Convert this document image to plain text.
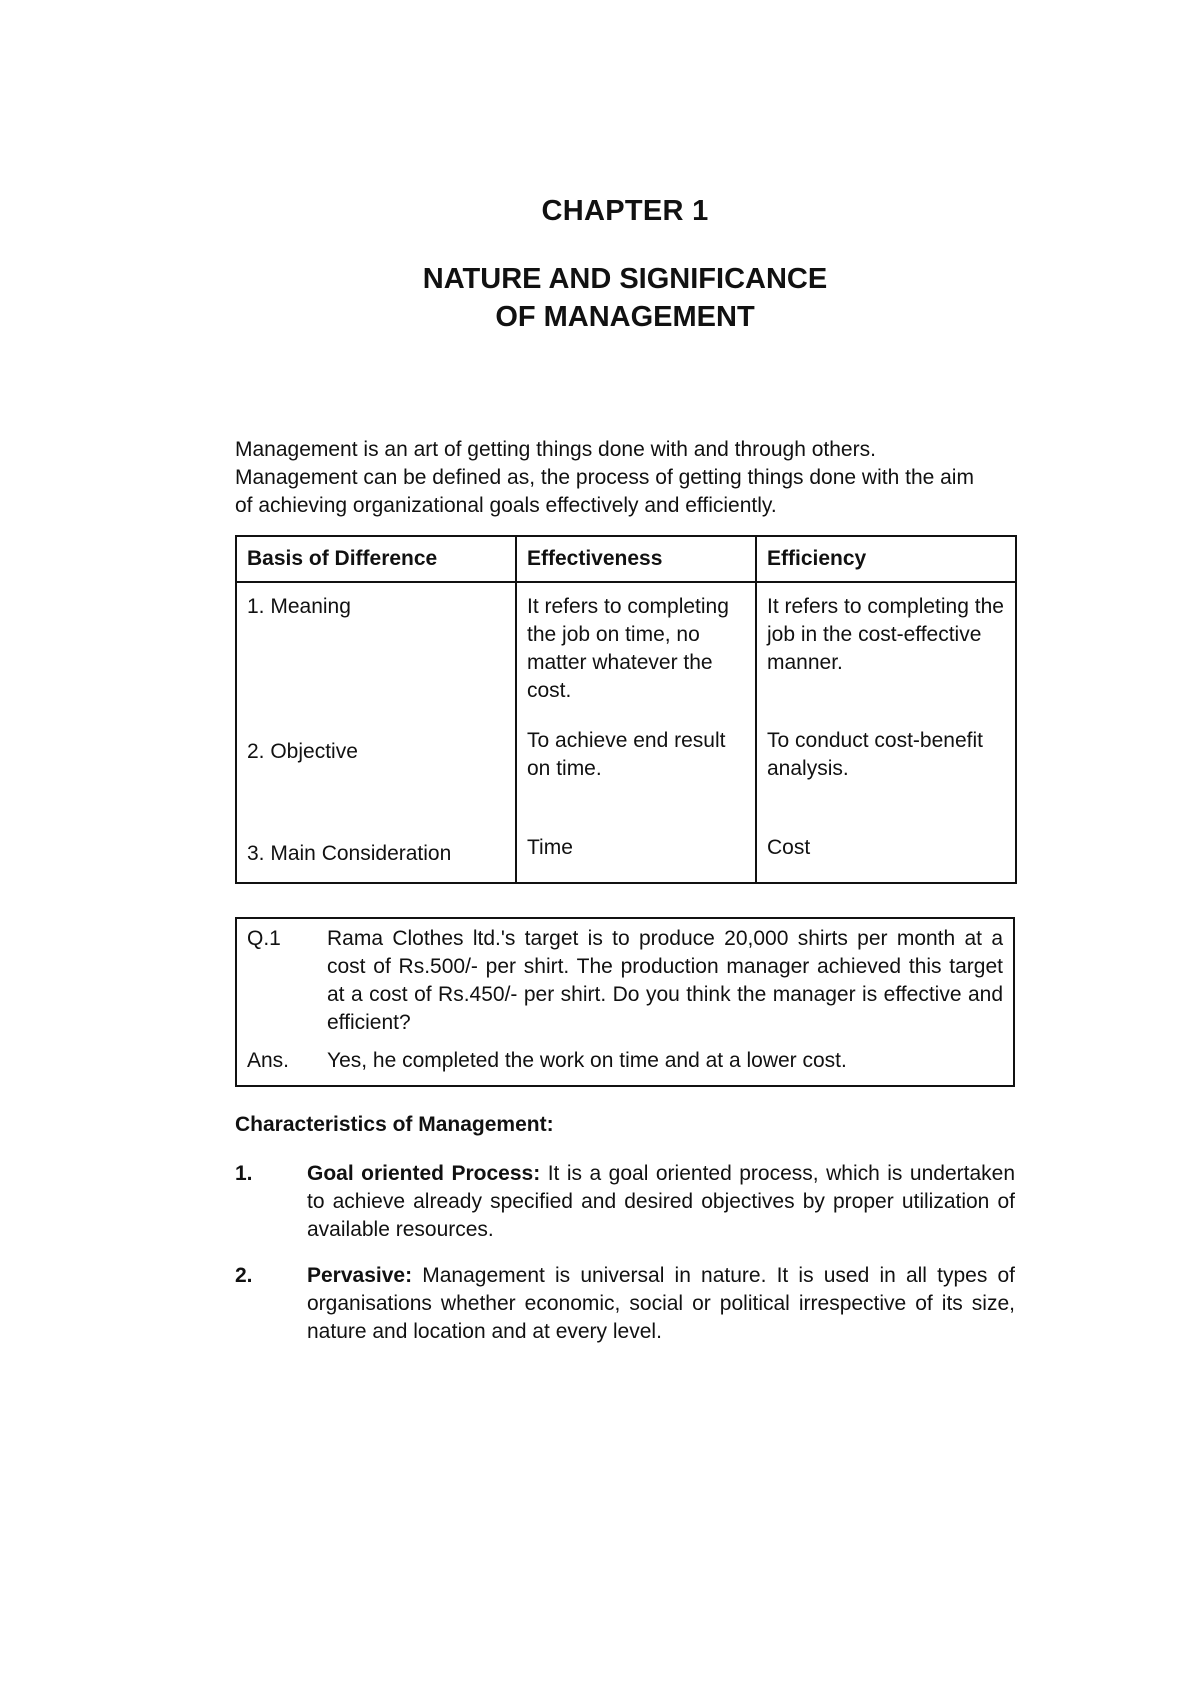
CHAPTER 1
NATURE AND SIGNIFICANCE
OF MANAGEMENT
Management is an art of getting things done with and through others.
Management can be defined as, the process of getting things done with the aim
of achieving organizational goals effectively and efficiently.
Basis of Difference	Effectiveness	Efficiency
1. Meaning	It refers to completing the job on time, no matter whatever the cost.	It refers to completing the job in the cost-effective manner.
2. Objective	To achieve end result on time.	To conduct cost-benefit analysis.
3. Main Consideration	Time	Cost
Q.1	Rama Clothes ltd.'s target is to produce 20,000 shirts per month at a cost of Rs.500/- per shirt. The production manager achieved this target at a cost of Rs.450/- per shirt. Do you think the manager is effective and efficient?
Ans.	Yes, he completed the work on time and at a lower cost.
Characteristics of Management:
1.	Goal oriented Process: It is a goal oriented process, which is undertaken to achieve already specified and desired objectives by proper utilization of available resources.
2.	Pervasive: Management is universal in nature. It is used in all types of organisations whether economic, social or political irrespective of its size, nature and location and at every level.
